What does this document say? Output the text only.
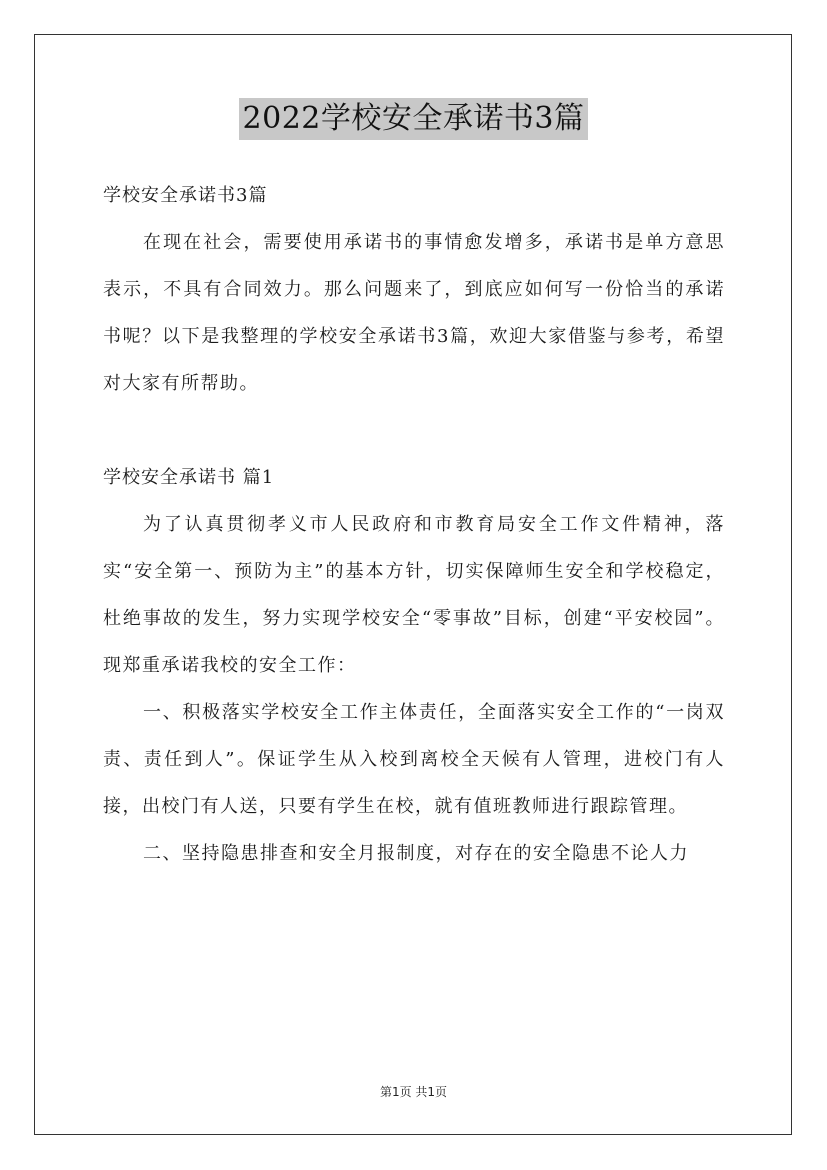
2022学校安全承诺书3篇

学校安全承诺书3篇

在现在社会，需要使用承诺书的事情愈发增多，承诺书是单方意思表示，不具有合同效力。那么问题来了，到底应如何写一份恰当的承诺书呢？以下是我整理的学校安全承诺书3篇，欢迎大家借鉴与参考，希望对大家有所帮助。

学校安全承诺书 篇1

为了认真贯彻孝义市人民政府和市教育局安全工作文件精神，落实“安全第一、预防为主”的基本方针，切实保障师生安全和学校稳定，杜绝事故的发生，努力实现学校安全“零事故”目标，创建“平安校园”。现郑重承诺我校的安全工作：

一、积极落实学校安全工作主体责任，全面落实安全工作的“一岗双责、责任到人”。保证学生从入校到离校全天候有人管理，进校门有人接，出校门有人送，只要有学生在校，就有值班教师进行跟踪管理。

二、坚持隐患排查和安全月报制度，对存在的安全隐患不论人力

第1页 共1页
